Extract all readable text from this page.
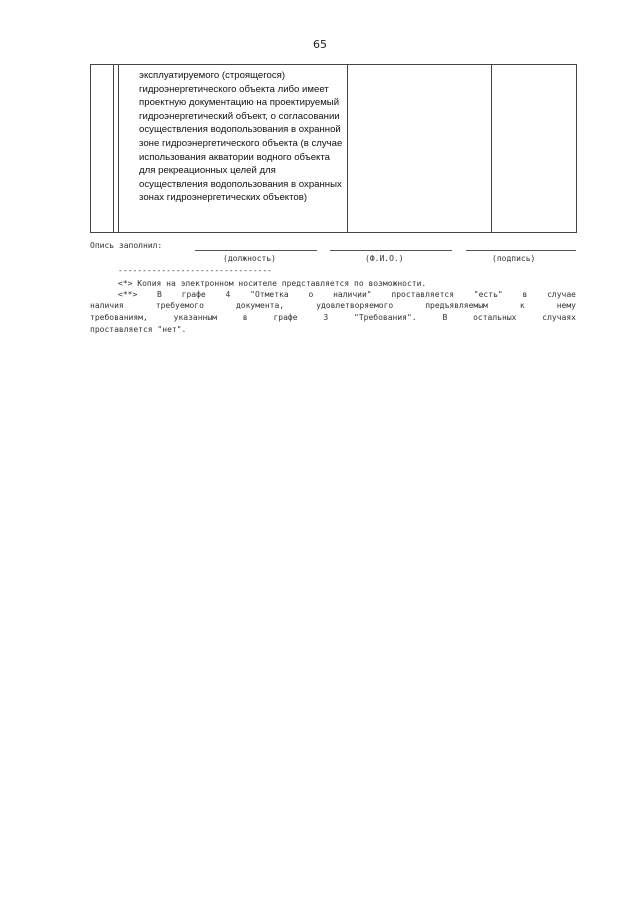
65

эксплуатируемого (строящегося) гидроэнергетического объекта либо имеет проектную документацию на проектируемый гидроэнергетический объект, о согласовании осуществления водопользования в охранной зоне гидроэнергетического объекта (в случае использования акватории водного объекта для рекреационных целей для осуществления водопользования в охранных зонах гидроэнергетических объектов)

Опись заполнил:
(должность)	(Ф.И.О.)	(подпись)
--------------------------------
<*> Копия на электронном носителе представляется по возможности.
<**> В графе 4 "Отметка о наличии" проставляется "есть" в случае
наличия требуемого документа, удовлетворяемого предъявляемым к нему
требованиям, указанным в графе 3 "Требования". В остальных случаях
проставляется "нет".
